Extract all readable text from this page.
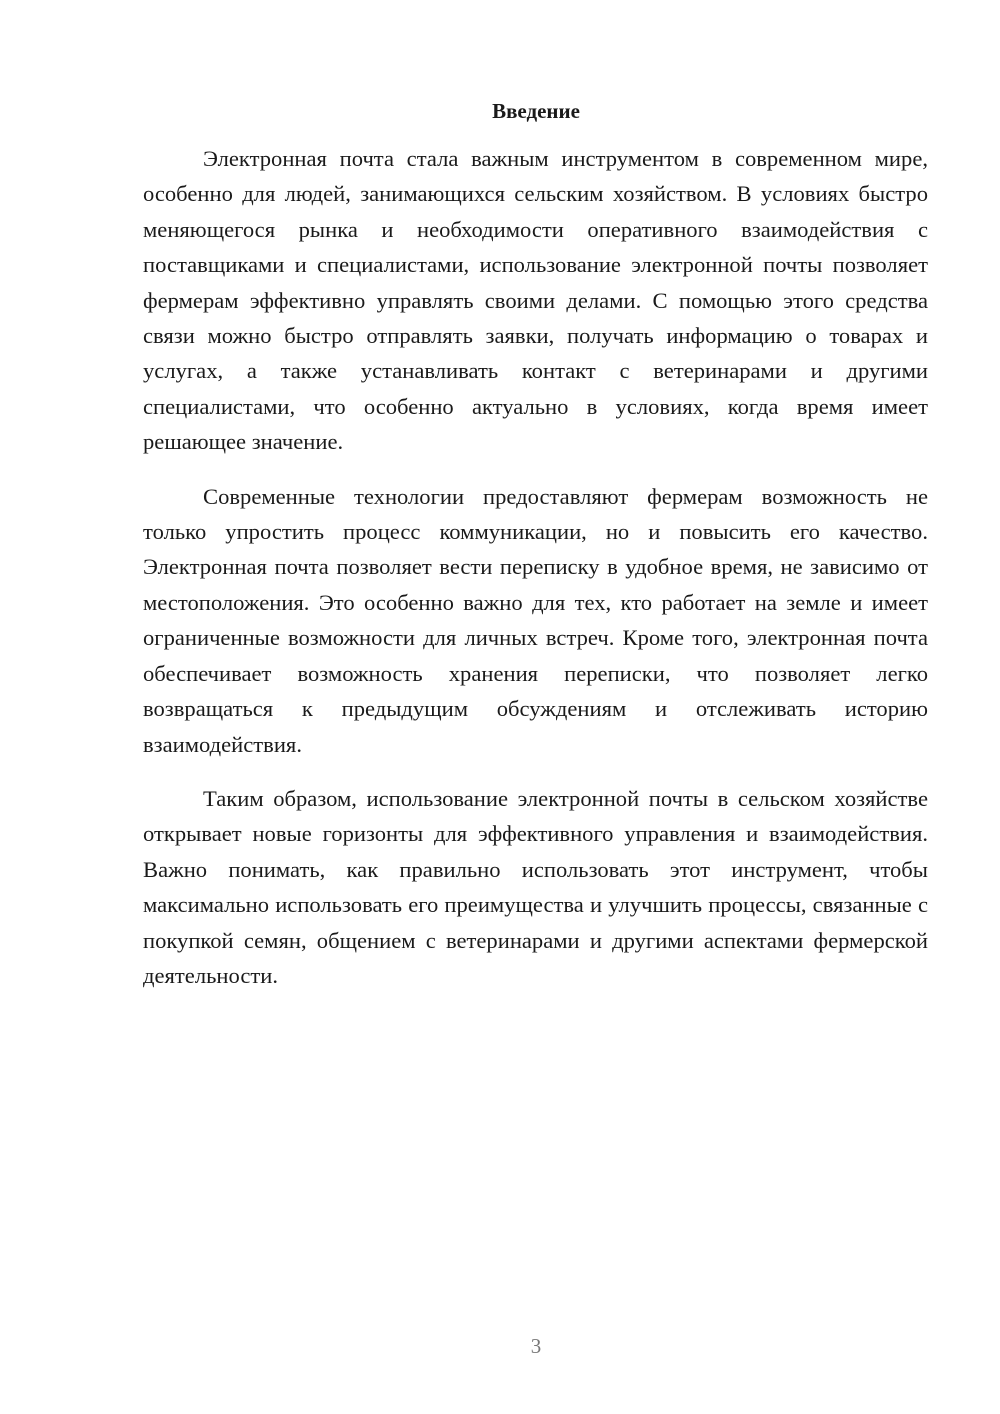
Введение

Электронная почта стала важным инструментом в современном мире, особенно для людей, занимающихся сельским хозяйством. В условиях быстро меняющегося рынка и необходимости оперативного взаимодействия с поставщиками и специалистами, использование электронной почты позволяет фермерам эффективно управлять своими делами. С помощью этого средства связи можно быстро отправлять заявки, получать информацию о товарах и услугах, а также устанавливать контакт с ветеринарами и другими специалистами, что особенно актуально в условиях, когда время имеет решающее значение.

Современные технологии предоставляют фермерам возможность не только упростить процесс коммуникации, но и повысить его качество. Электронная почта позволяет вести переписку в удобное время, не зависимо от местоположения. Это особенно важно для тех, кто работает на земле и имеет ограниченные возможности для личных встреч. Кроме того, электронная почта обеспечивает возможность хранения переписки, что позволяет легко возвращаться к предыдущим обсуждениям и отслеживать историю взаимодействия.

Таким образом, использование электронной почты в сельском хозяйстве открывает новые горизонты для эффективного управления и взаимодействия. Важно понимать, как правильно использовать этот инструмент, чтобы максимально использовать его преимущества и улучшить процессы, связанные с покупкой семян, общением с ветеринарами и другими аспектами фермерской деятельности.

3
